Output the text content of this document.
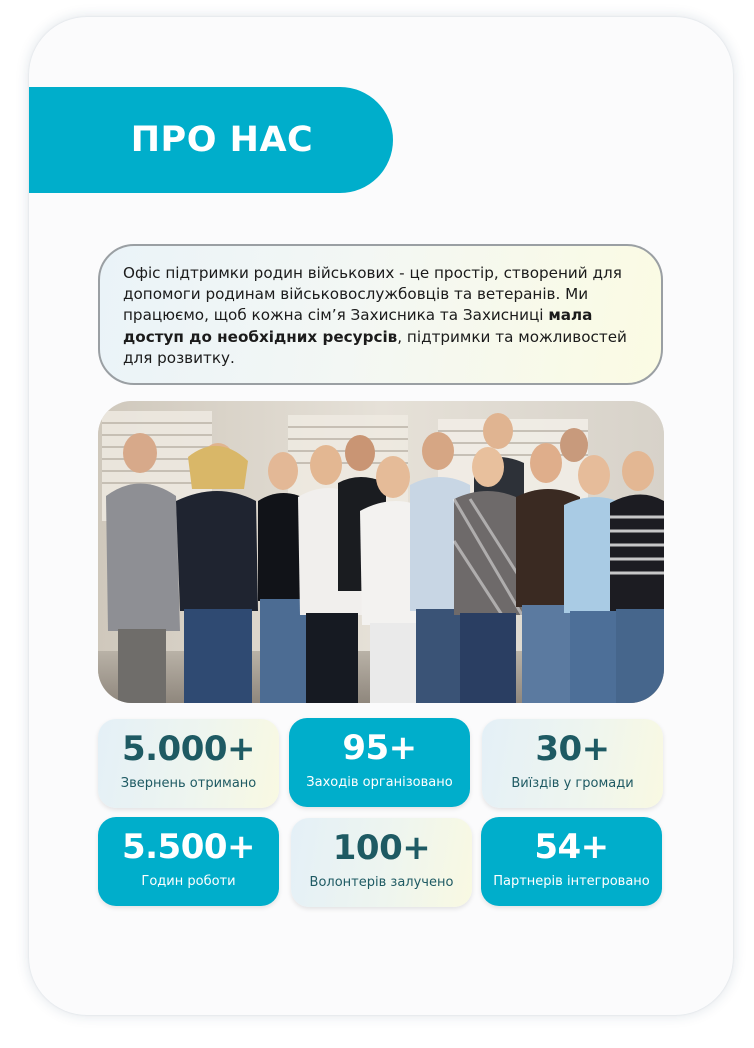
ПРО НАС

Офіс підтримки родин військових - це простір, створений для допомоги родинам військовослужбовців та ветеранів. Ми працюємо, щоб кожна сім’я Захисника та Захисниці мала доступ до необхідних ресурсів, підтримки та можливостей для розвитку.

5.000+
Звернень отримано
95+
Заходів організовано
30+
Виїздів у громади
5.500+
Годин роботи
100+
Волонтерів залучено
54+
Партнерів інтегровано
